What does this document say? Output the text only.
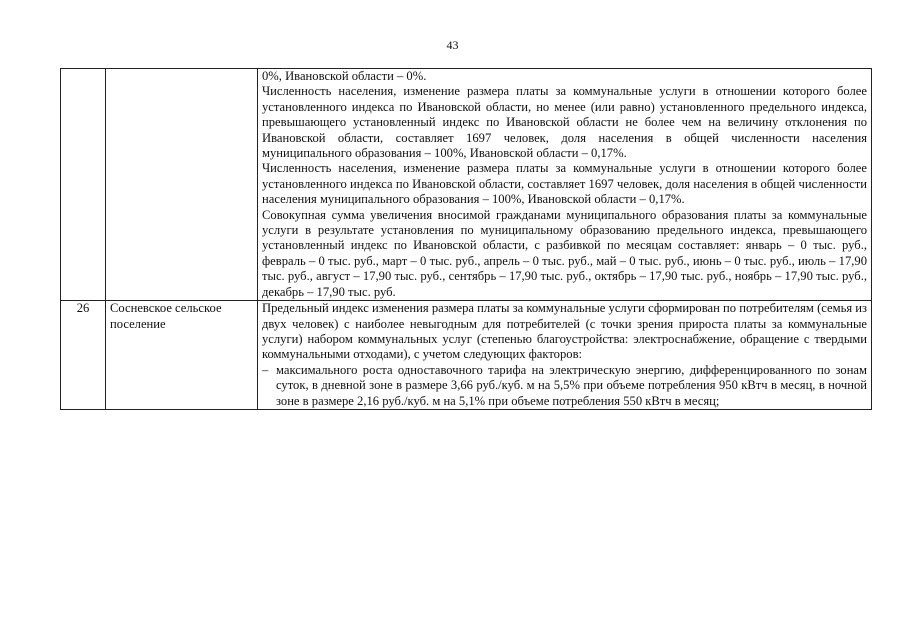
43

		0%, Ивановской области – 0%.
Численность населения, изменение размера платы за коммунальные услуги в отношении которого более установленного индекса по Ивановской области, но менее (или равно) установленного предельного индекса, превышающего установленный индекс по Ивановской области не более чем на величину отклонения по Ивановской области, составляет 1697 человек, доля населения в общей численности населения муниципального образования – 100%, Ивановской области – 0,17%.
Численность населения, изменение размера платы за коммунальные услуги в отношении которого более установленного индекса по Ивановской области, составляет 1697 человек, доля населения в общей численности населения муниципального образования – 100%, Ивановской области – 0,17%.
Совокупная сумма увеличения вносимой гражданами муниципального образования платы за коммунальные услуги в результате установления по муниципальному образованию предельного индекса, превышающего установленный индекс по Ивановской области, с разбивкой по месяцам составляет: январь – 0 тыс. руб., февраль – 0 тыс. руб., март – 0 тыс. руб., апрель – 0 тыс. руб., май – 0 тыс. руб., июнь – 0 тыс. руб., июль – 17,90 тыс. руб., август – 17,90 тыс. руб., сентябрь – 17,90 тыс. руб., октябрь – 17,90 тыс. руб., ноябрь – 17,90 тыс. руб., декабрь – 17,90 тыс. руб.

26	Сосневское сельское поселение	Предельный индекс изменения размера платы за коммунальные услуги сформирован по потребителям (семья из двух человек) с наиболее невыгодным для потребителей (с точки зрения прироста платы за коммунальные услуги) набором коммунальных услуг (степенью благоустройства: электроснабжение, обращение с твердыми коммунальными отходами), с учетом следующих факторов:
– максимального роста одноставочного тарифа на электрическую энергию, дифференцированного по зонам суток, в дневной зоне в размере 3,66 руб./куб. м на 5,5% при объеме потребления 950 кВтч в месяц, в ночной зоне в размере 2,16 руб./куб. м на 5,1% при объеме потребления 550 кВтч в месяц;
